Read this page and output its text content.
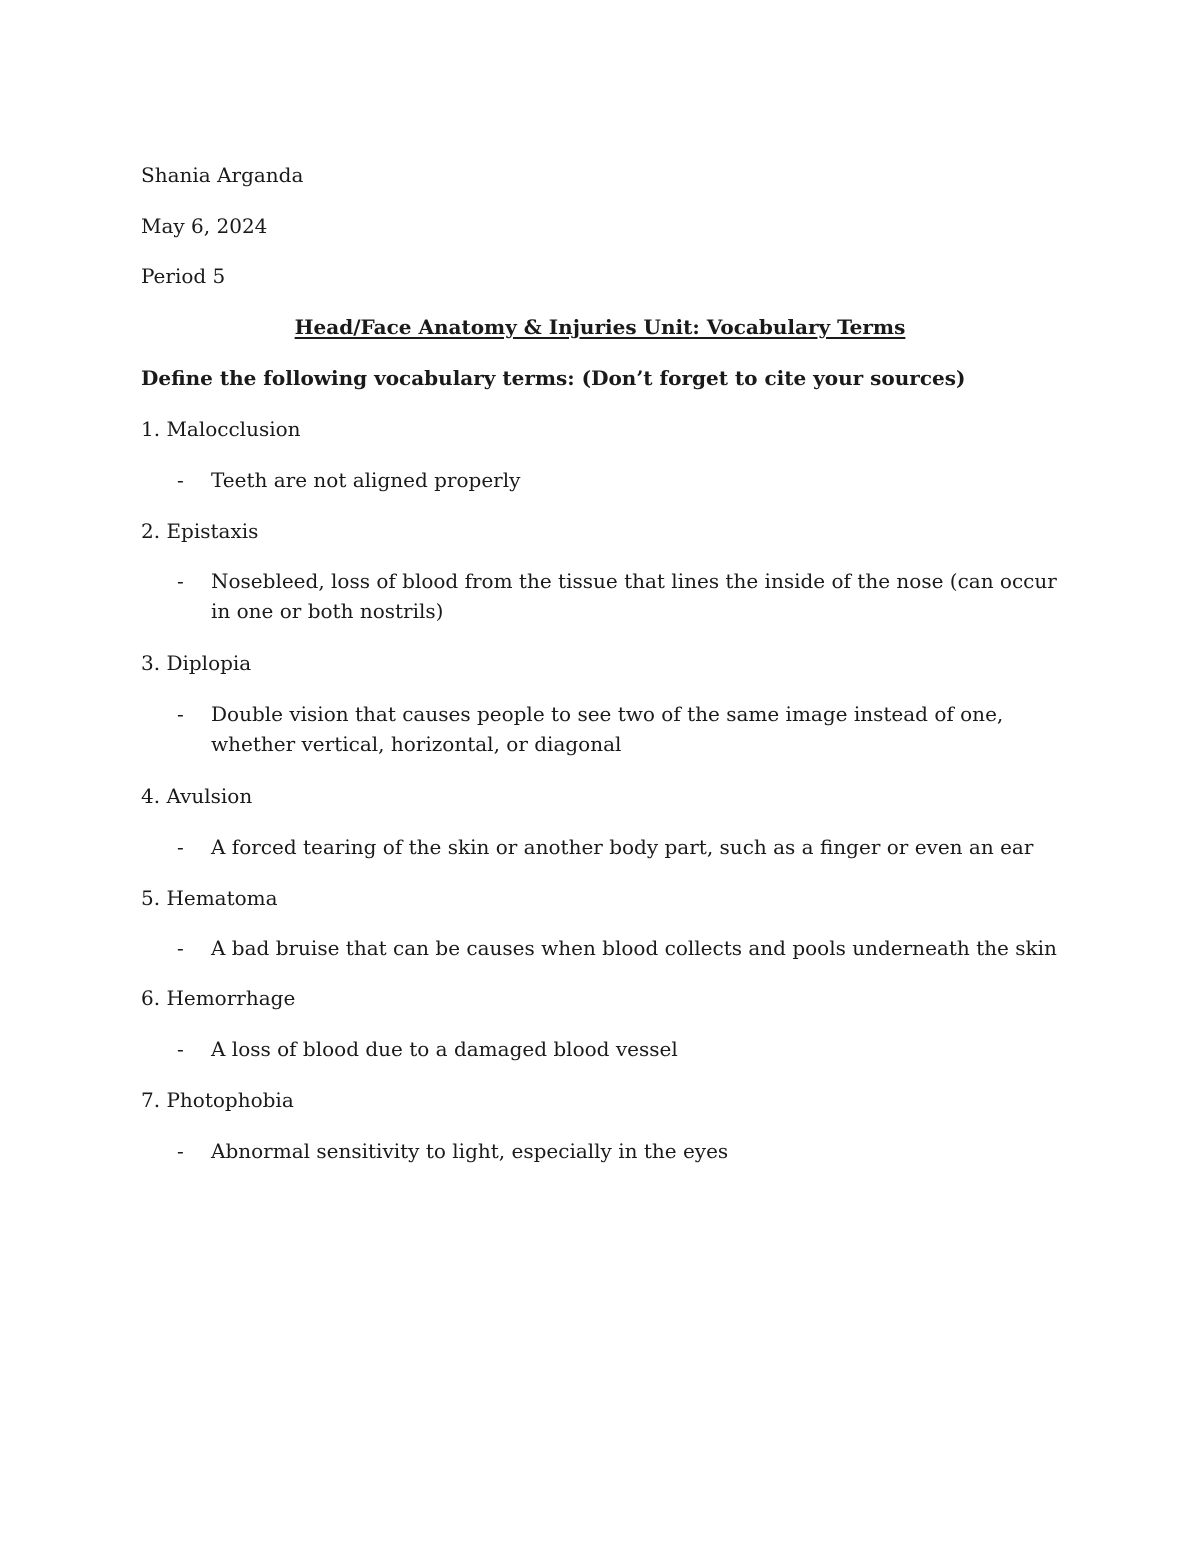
Shania Arganda
May 6, 2024
Period 5
Head/Face Anatomy & Injuries Unit: Vocabulary Terms
Define the following vocabulary terms: (Don’t forget to cite your sources)
1. Malocclusion
- Teeth are not aligned properly
2. Epistaxis
- Nosebleed, loss of blood from the tissue that lines the inside of the nose (can occur in one or both nostrils)
3. Diplopia
- Double vision that causes people to see two of the same image instead of one, whether vertical, horizontal, or diagonal
4. Avulsion
- A forced tearing of the skin or another body part, such as a finger or even an ear
5. Hematoma
- A bad bruise that can be causes when blood collects and pools underneath the skin
6. Hemorrhage
- A loss of blood due to a damaged blood vessel
7. Photophobia
- Abnormal sensitivity to light, especially in the eyes
